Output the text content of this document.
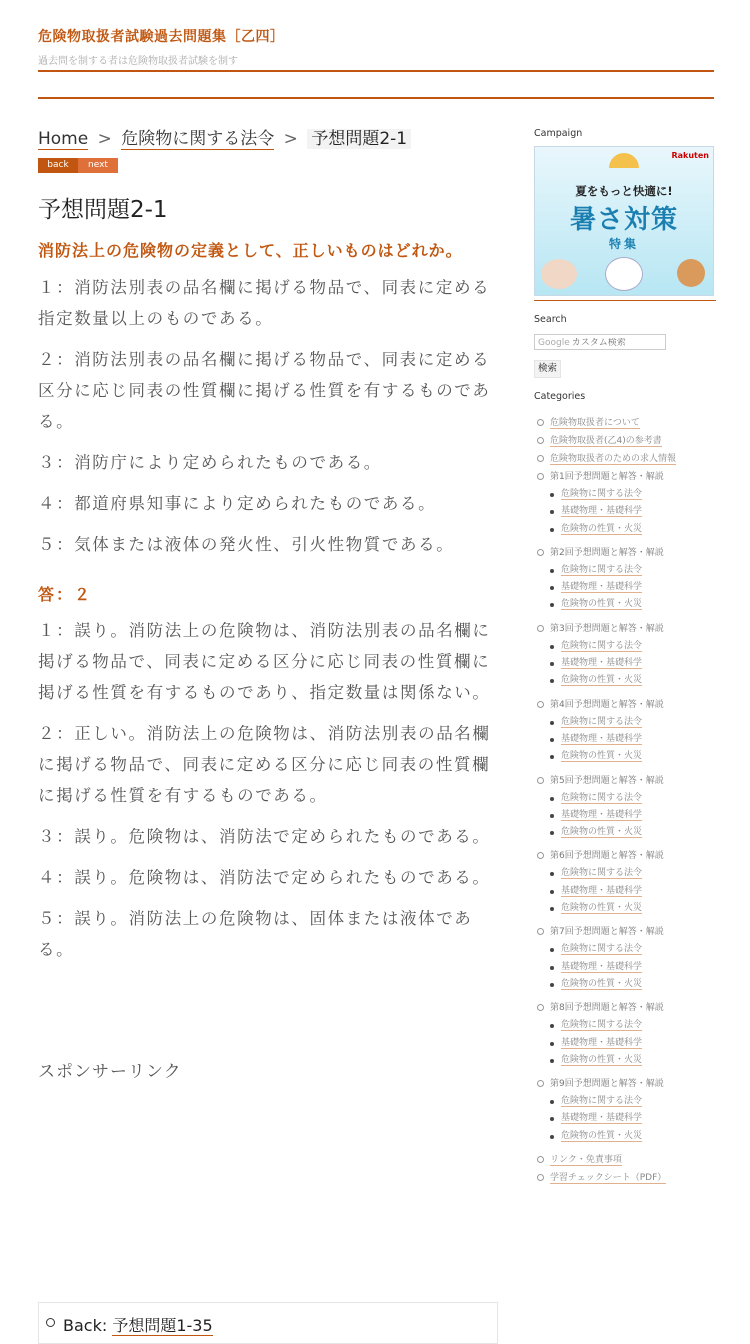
危険物取扱者試験過去問題集［乙四］
過去問を制する者は危険物取扱者試験を制す
Home > 危険物に関する法令 > 予想問題2-1
back	next
予想問題2-1
消防法上の危険物の定義として、正しいものはどれか。
１：消防法別表の品名欄に掲げる物品で、同表に定める指定数量以上のものである。
２：消防法別表の品名欄に掲げる物品で、同表に定める区分に応じ同表の性質欄に掲げる性質を有するものである。
３：消防庁により定められたものである。
４：都道府県知事により定められたものである。
５：気体または液体の発火性、引火性物質である。
答：２
１：誤り。消防法上の危険物は、消防法別表の品名欄に掲げる物品で、同表に定める区分に応じ同表の性質欄に掲げる性質を有するものであり、指定数量は関係ない。
２：正しい。消防法上の危険物は、消防法別表の品名欄に掲げる物品で、同表に定める区分に応じ同表の性質欄に掲げる性質を有するものである。
３：誤り。危険物は、消防法で定められたものである。
４：誤り。危険物は、消防法で定められたものである。
５：誤り。消防法上の危険物は、固体または液体である。
スポンサーリンク
Back: 予想問題1-35
Campaign
Rakuten
夏をもっと快適に!
暑さ対策
特集
Search
Googleカスタム検索
検索
Categories
危険物取扱者について
危険物取扱者(乙4)の参考書
危険物取扱者のための求人情報
第1回予想問題と解答・解説
危険物に関する法令
基礎物理・基礎科学
危険物の性質・火災
第2回予想問題と解答・解説
危険物に関する法令
基礎物理・基礎科学
危険物の性質・火災
第3回予想問題と解答・解説
危険物に関する法令
基礎物理・基礎科学
危険物の性質・火災
第4回予想問題と解答・解説
危険物に関する法令
基礎物理・基礎科学
危険物の性質・火災
第5回予想問題と解答・解説
危険物に関する法令
基礎物理・基礎科学
危険物の性質・火災
第6回予想問題と解答・解説
危険物に関する法令
基礎物理・基礎科学
危険物の性質・火災
第7回予想問題と解答・解説
危険物に関する法令
基礎物理・基礎科学
危険物の性質・火災
第8回予想問題と解答・解説
危険物に関する法令
基礎物理・基礎科学
危険物の性質・火災
第9回予想問題と解答・解説
危険物に関する法令
基礎物理・基礎科学
危険物の性質・火災
リンク・免責事項
学習チェックシート（PDF）
